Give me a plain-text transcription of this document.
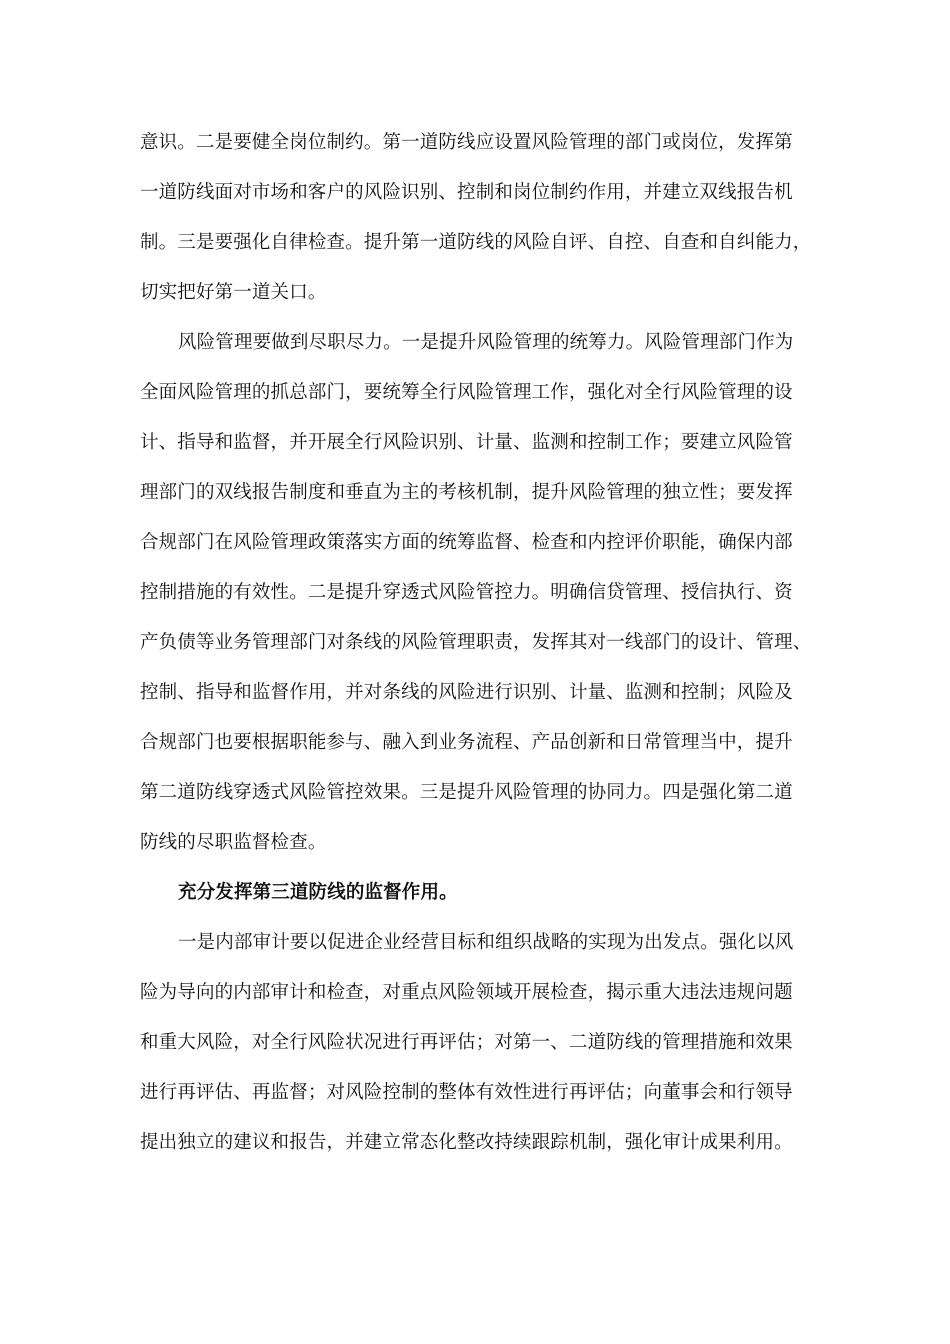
意识。二是要健全岗位制约。第一道防线应设置风险管理的部门或岗位，发挥第
一道防线面对市场和客户的风险识别、控制和岗位制约作用，并建立双线报告机
制。三是要强化自律检查。提升第一道防线的风险自评、自控、自查和自纠能力，
切实把好第一道关口。
风险管理要做到尽职尽力。一是提升风险管理的统筹力。风险管理部门作为
全面风险管理的抓总部门，要统筹全行风险管理工作，强化对全行风险管理的设
计、指导和监督，并开展全行风险识别、计量、监测和控制工作；要建立风险管
理部门的双线报告制度和垂直为主的考核机制，提升风险管理的独立性；要发挥
合规部门在风险管理政策落实方面的统筹监督、检查和内控评价职能，确保内部
控制措施的有效性。二是提升穿透式风险管控力。明确信贷管理、授信执行、资
产负债等业务管理部门对条线的风险管理职责，发挥其对一线部门的设计、管理、
控制、指导和监督作用，并对条线的风险进行识别、计量、监测和控制；风险及
合规部门也要根据职能参与、融入到业务流程、产品创新和日常管理当中，提升
第二道防线穿透式风险管控效果。三是提升风险管理的协同力。四是强化第二道
防线的尽职监督检查。
充分发挥第三道防线的监督作用。
一是内部审计要以促进企业经营目标和组织战略的实现为出发点。强化以风
险为导向的内部审计和检查，对重点风险领域开展检查，揭示重大违法违规问题
和重大风险，对全行风险状况进行再评估；对第一、二道防线的管理措施和效果
进行再评估、再监督；对风险控制的整体有效性进行再评估；向董事会和行领导
提出独立的建议和报告，并建立常态化整改持续跟踪机制，强化审计成果利用。
